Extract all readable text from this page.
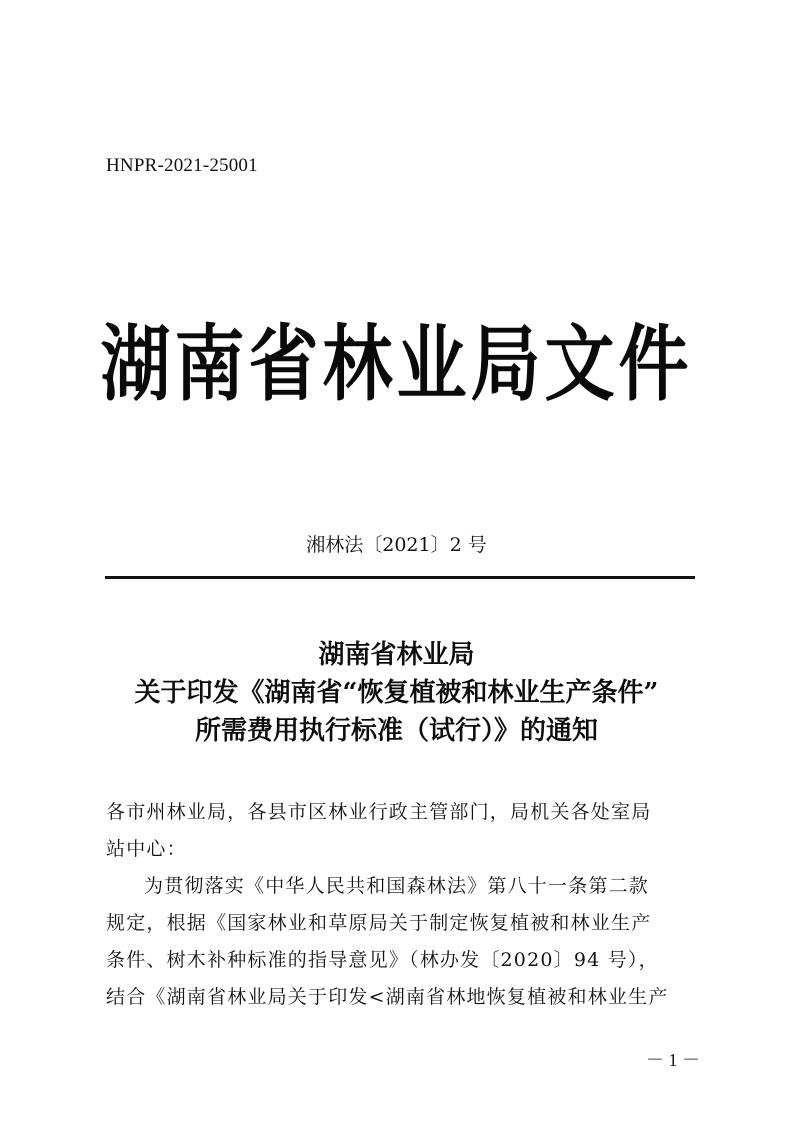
HNPR-2021-25001
湖南省林业局文件
湘林法〔2021〕2 号
湖南省林业局
关于印发《湖南省“恢复植被和林业生产条件”
所需费用执行标准（试行）》的通知
各市州林业局，各县市区林业行政主管部门，局机关各处室局
站中心：
为贯彻落实《中华人民共和国森林法》第八十一条第二款
规定，根据《国家林业和草原局关于制定恢复植被和林业生产
条件、树木补种标准的指导意见》（林办发〔2020〕94 号），
结合《湖南省林业局关于印发<湖南省林地恢复植被和林业生产
－ 1 －
